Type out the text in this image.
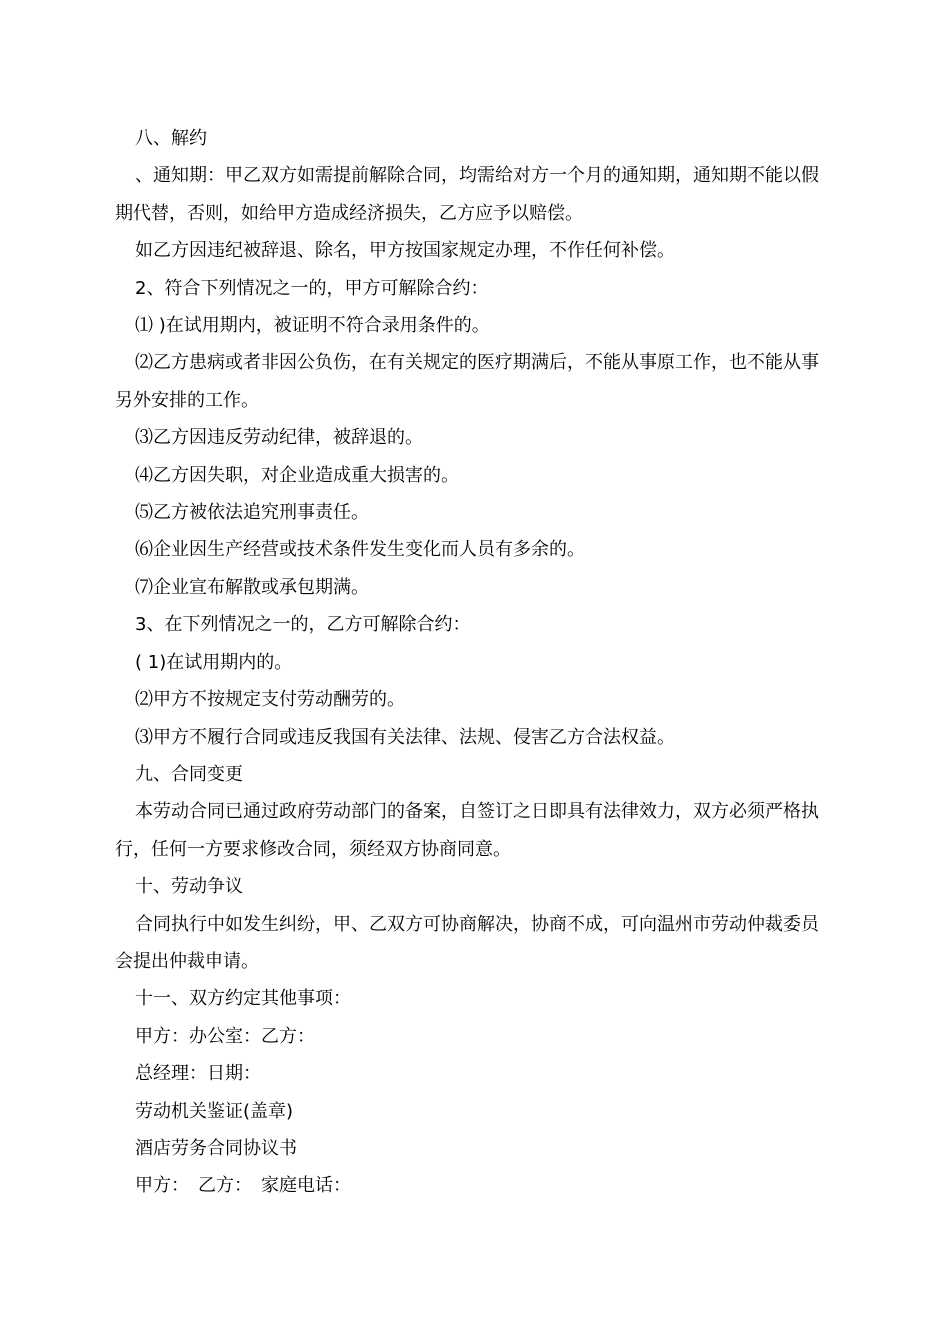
八、解约

、通知期：甲乙双方如需提前解除合同，均需给对方一个月的通知期，通知期不能以假期代替，否则，如给甲方造成经济损失，乙方应予以赔偿。

如乙方因违纪被辞退、除名，甲方按国家规定办理，不作任何补偿。

2、符合下列情况之一的，甲方可解除合约：

⑴ )在试用期内，被证明不符合录用条件的。

⑵乙方患病或者非因公负伤，在有关规定的医疗期满后，不能从事原工作，也不能从事另外安排的工作。

⑶乙方因违反劳动纪律，被辞退的。

⑷乙方因失职，对企业造成重大损害的。

⑸乙方被依法追究刑事责任。

⑹企业因生产经营或技术条件发生变化而人员有多余的。

⑺企业宣布解散或承包期满。

3、在下列情况之一的，乙方可解除合约：

( 1)在试用期内的。

⑵甲方不按规定支付劳动酬劳的。

⑶甲方不履行合同或违反我国有关法律、法规、侵害乙方合法权益。

九、合同变更

本劳动合同已通过政府劳动部门的备案，自签订之日即具有法律效力，双方必须严格执行，任何一方要求修改合同，须经双方协商同意。

十、劳动争议

合同执行中如发生纠纷，甲、乙双方可协商解决，协商不成，可向温州市劳动仲裁委员会提出仲裁申请。

十一、双方约定其他事项：

甲方：办公室：乙方：

总经理：日期：

劳动机关鉴证(盖章)

酒店劳务合同协议书

甲方：　乙方：　家庭电话：
